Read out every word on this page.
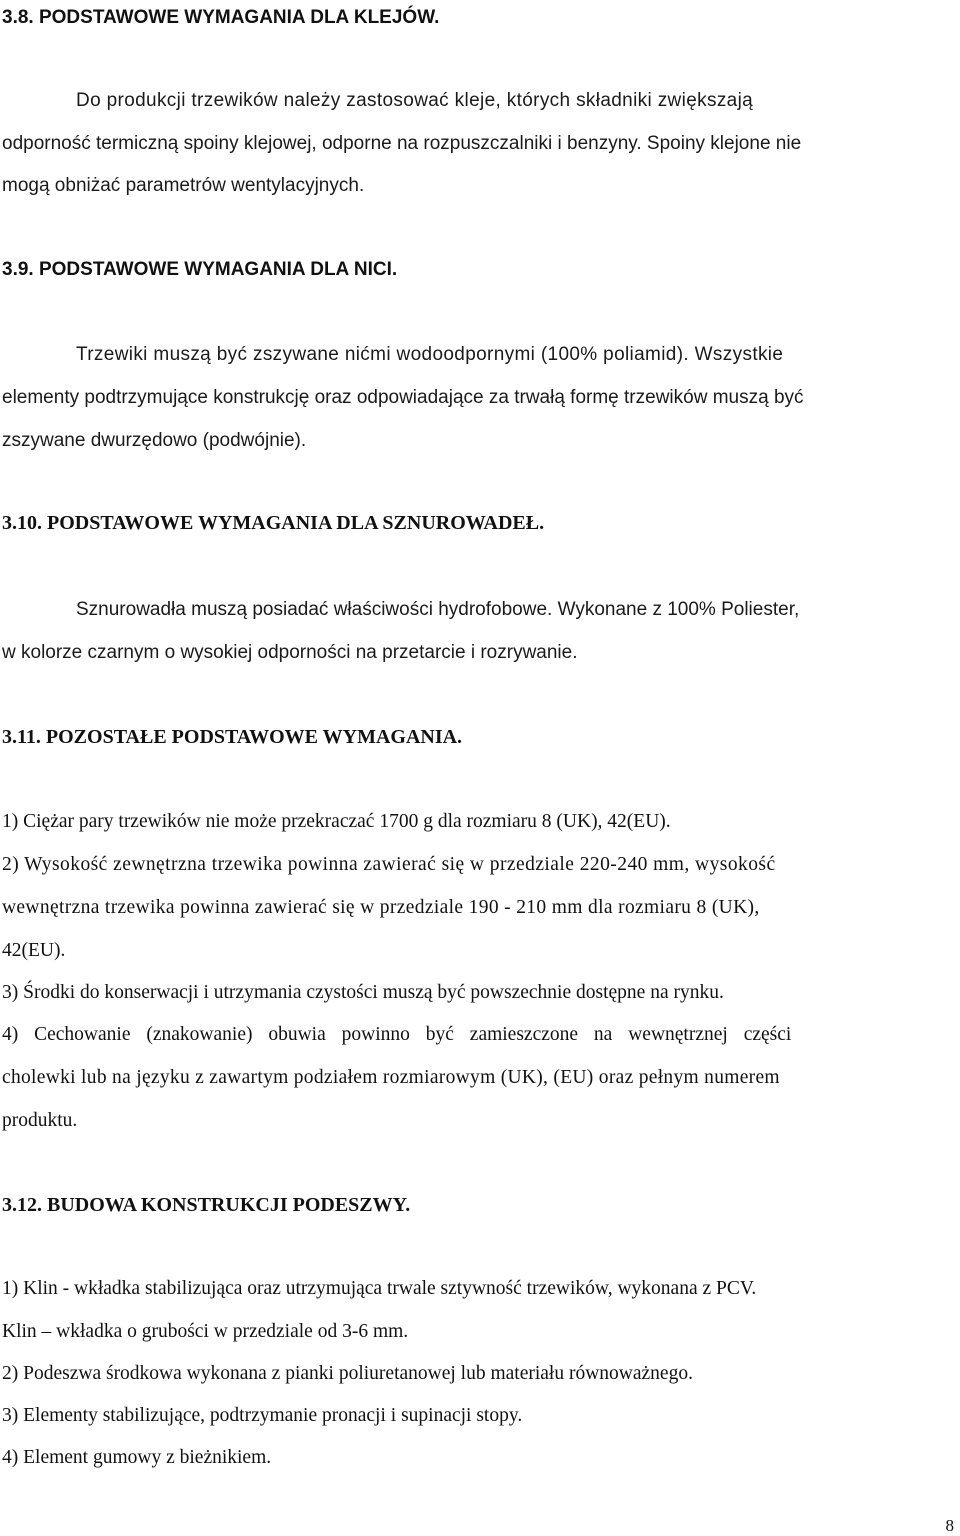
3.8. PODSTAWOWE WYMAGANIA DLA KLEJÓW.
Do produkcji trzewików należy zastosować kleje, których składniki zwiększają
odporność termiczną spoiny klejowej, odporne na rozpuszczalniki i benzyny. Spoiny klejone nie
mogą obniżać parametrów wentylacyjnych.
3.9. PODSTAWOWE WYMAGANIA DLA NICI.
Trzewiki muszą być zszywane nićmi wodoodpornymi (100% poliamid). Wszystkie
elementy podtrzymujące konstrukcję oraz odpowiadające za trwałą formę trzewików muszą być
zszywane dwurzędowo (podwójnie).
3.10. PODSTAWOWE WYMAGANIA DLA SZNUROWADEŁ.
Sznurowadła muszą posiadać właściwości hydrofobowe. Wykonane z 100% Poliester,
w kolorze czarnym o wysokiej odporności na przetarcie i rozrywanie.
3.11. POZOSTAŁE PODSTAWOWE WYMAGANIA.
1) Ciężar pary trzewików nie może przekraczać 1700 g dla rozmiaru 8 (UK), 42(EU).
2) Wysokość zewnętrzna trzewika powinna zawierać się w przedziale 220-240 mm, wysokość
wewnętrzna trzewika powinna zawierać się w przedziale 190 - 210 mm dla rozmiaru 8 (UK),
42(EU).
3) Środki do konserwacji i utrzymania czystości muszą być powszechnie dostępne na rynku.
4) Cechowanie (znakowanie) obuwia powinno być zamieszczone na wewnętrznej części
cholewki lub na języku z zawartym podziałem rozmiarowym (UK), (EU) oraz pełnym numerem
produktu.
3.12. BUDOWA KONSTRUKCJI PODESZWY.
1) Klin - wkładka stabilizująca oraz utrzymująca trwale sztywność trzewików, wykonana z PCV.
Klin – wkładka o grubości w przedziale od 3-6 mm.
2) Podeszwa środkowa wykonana z pianki poliuretanowej lub materiału równoważnego.
3) Elementy stabilizujące, podtrzymanie pronacji i supinacji stopy.
4) Element gumowy z bieżnikiem.
8
